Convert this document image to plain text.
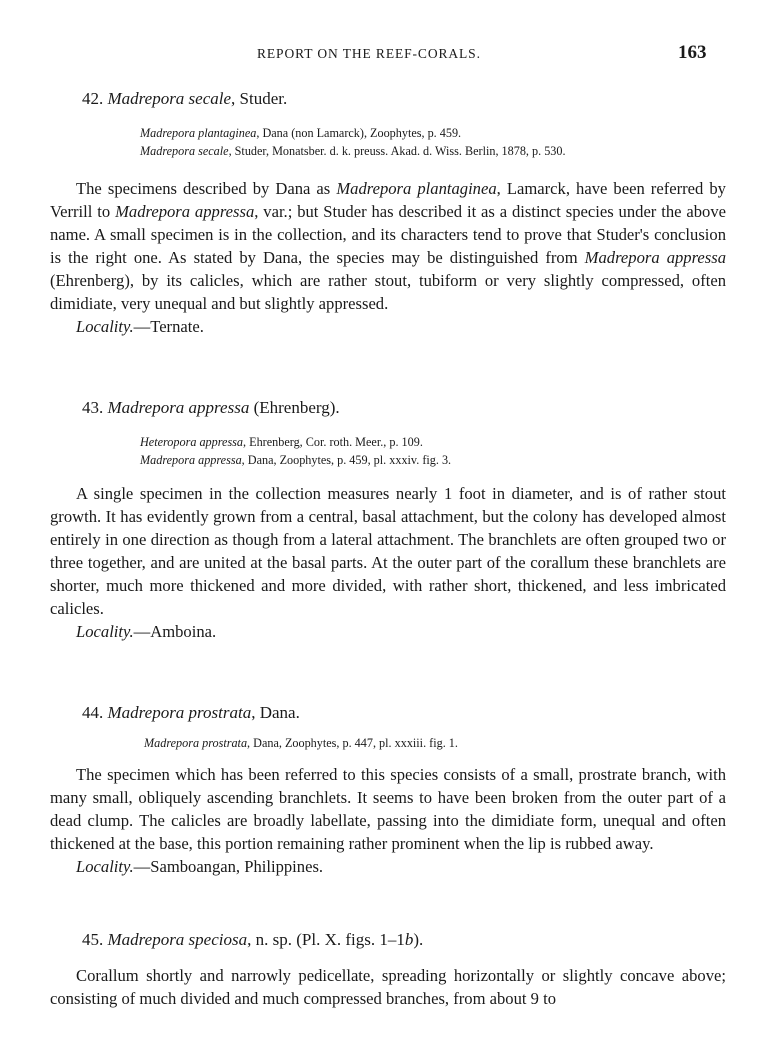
REPORT ON THE REEF-CORALS.	163
42. Madrepora secale, Studer.
Madrepora plantaginea, Dana (non Lamarck), Zoophytes, p. 459.
Madrepora secale, Studer, Monatsber. d. k. preuss. Akad. d. Wiss. Berlin, 1878, p. 530.

The specimens described by Dana as Madrepora plantaginea, Lamarck, have been referred by Verrill to Madrepora appressa, var.; but Studer has described it as a distinct species under the above name. A small specimen is in the collection, and its characters tend to prove that Studer's conclusion is the right one. As stated by Dana, the species may be distinguished from Madrepora appressa (Ehrenberg), by its calicles, which are rather stout, tubiform or very slightly compressed, often dimidiate, very unequal and but slightly appressed.

Locality.—Ternate.
43. Madrepora appressa (Ehrenberg).
Heteropora appressa, Ehrenberg, Cor. roth. Meer., p. 109.
Madrepora appressa, Dana, Zoophytes, p. 459, pl. xxxiv. fig. 3.

A single specimen in the collection measures nearly 1 foot in diameter, and is of rather stout growth. It has evidently grown from a central, basal attachment, but the colony has developed almost entirely in one direction as though from a lateral attachment. The branchlets are often grouped two or three together, and are united at the basal parts. At the outer part of the corallum these branchlets are shorter, much more thickened and more divided, with rather short, thickened, and less imbricated calicles.

Locality.—Amboina.
44. Madrepora prostrata, Dana.
Madrepora prostrata, Dana, Zoophytes, p. 447, pl. xxxiii. fig. 1.

The specimen which has been referred to this species consists of a small, prostrate branch, with many small, obliquely ascending branchlets. It seems to have been broken from the outer part of a dead clump. The calicles are broadly labellate, passing into the dimidiate form, unequal and often thickened at the base, this portion remaining rather prominent when the lip is rubbed away.

Locality.—Samboangan, Philippines.
45. Madrepora speciosa, n. sp. (Pl. X. figs. 1–1b).

Corallum shortly and narrowly pedicellate, spreading horizontally or slightly concave above; consisting of much divided and much compressed branches, from about 9 to
